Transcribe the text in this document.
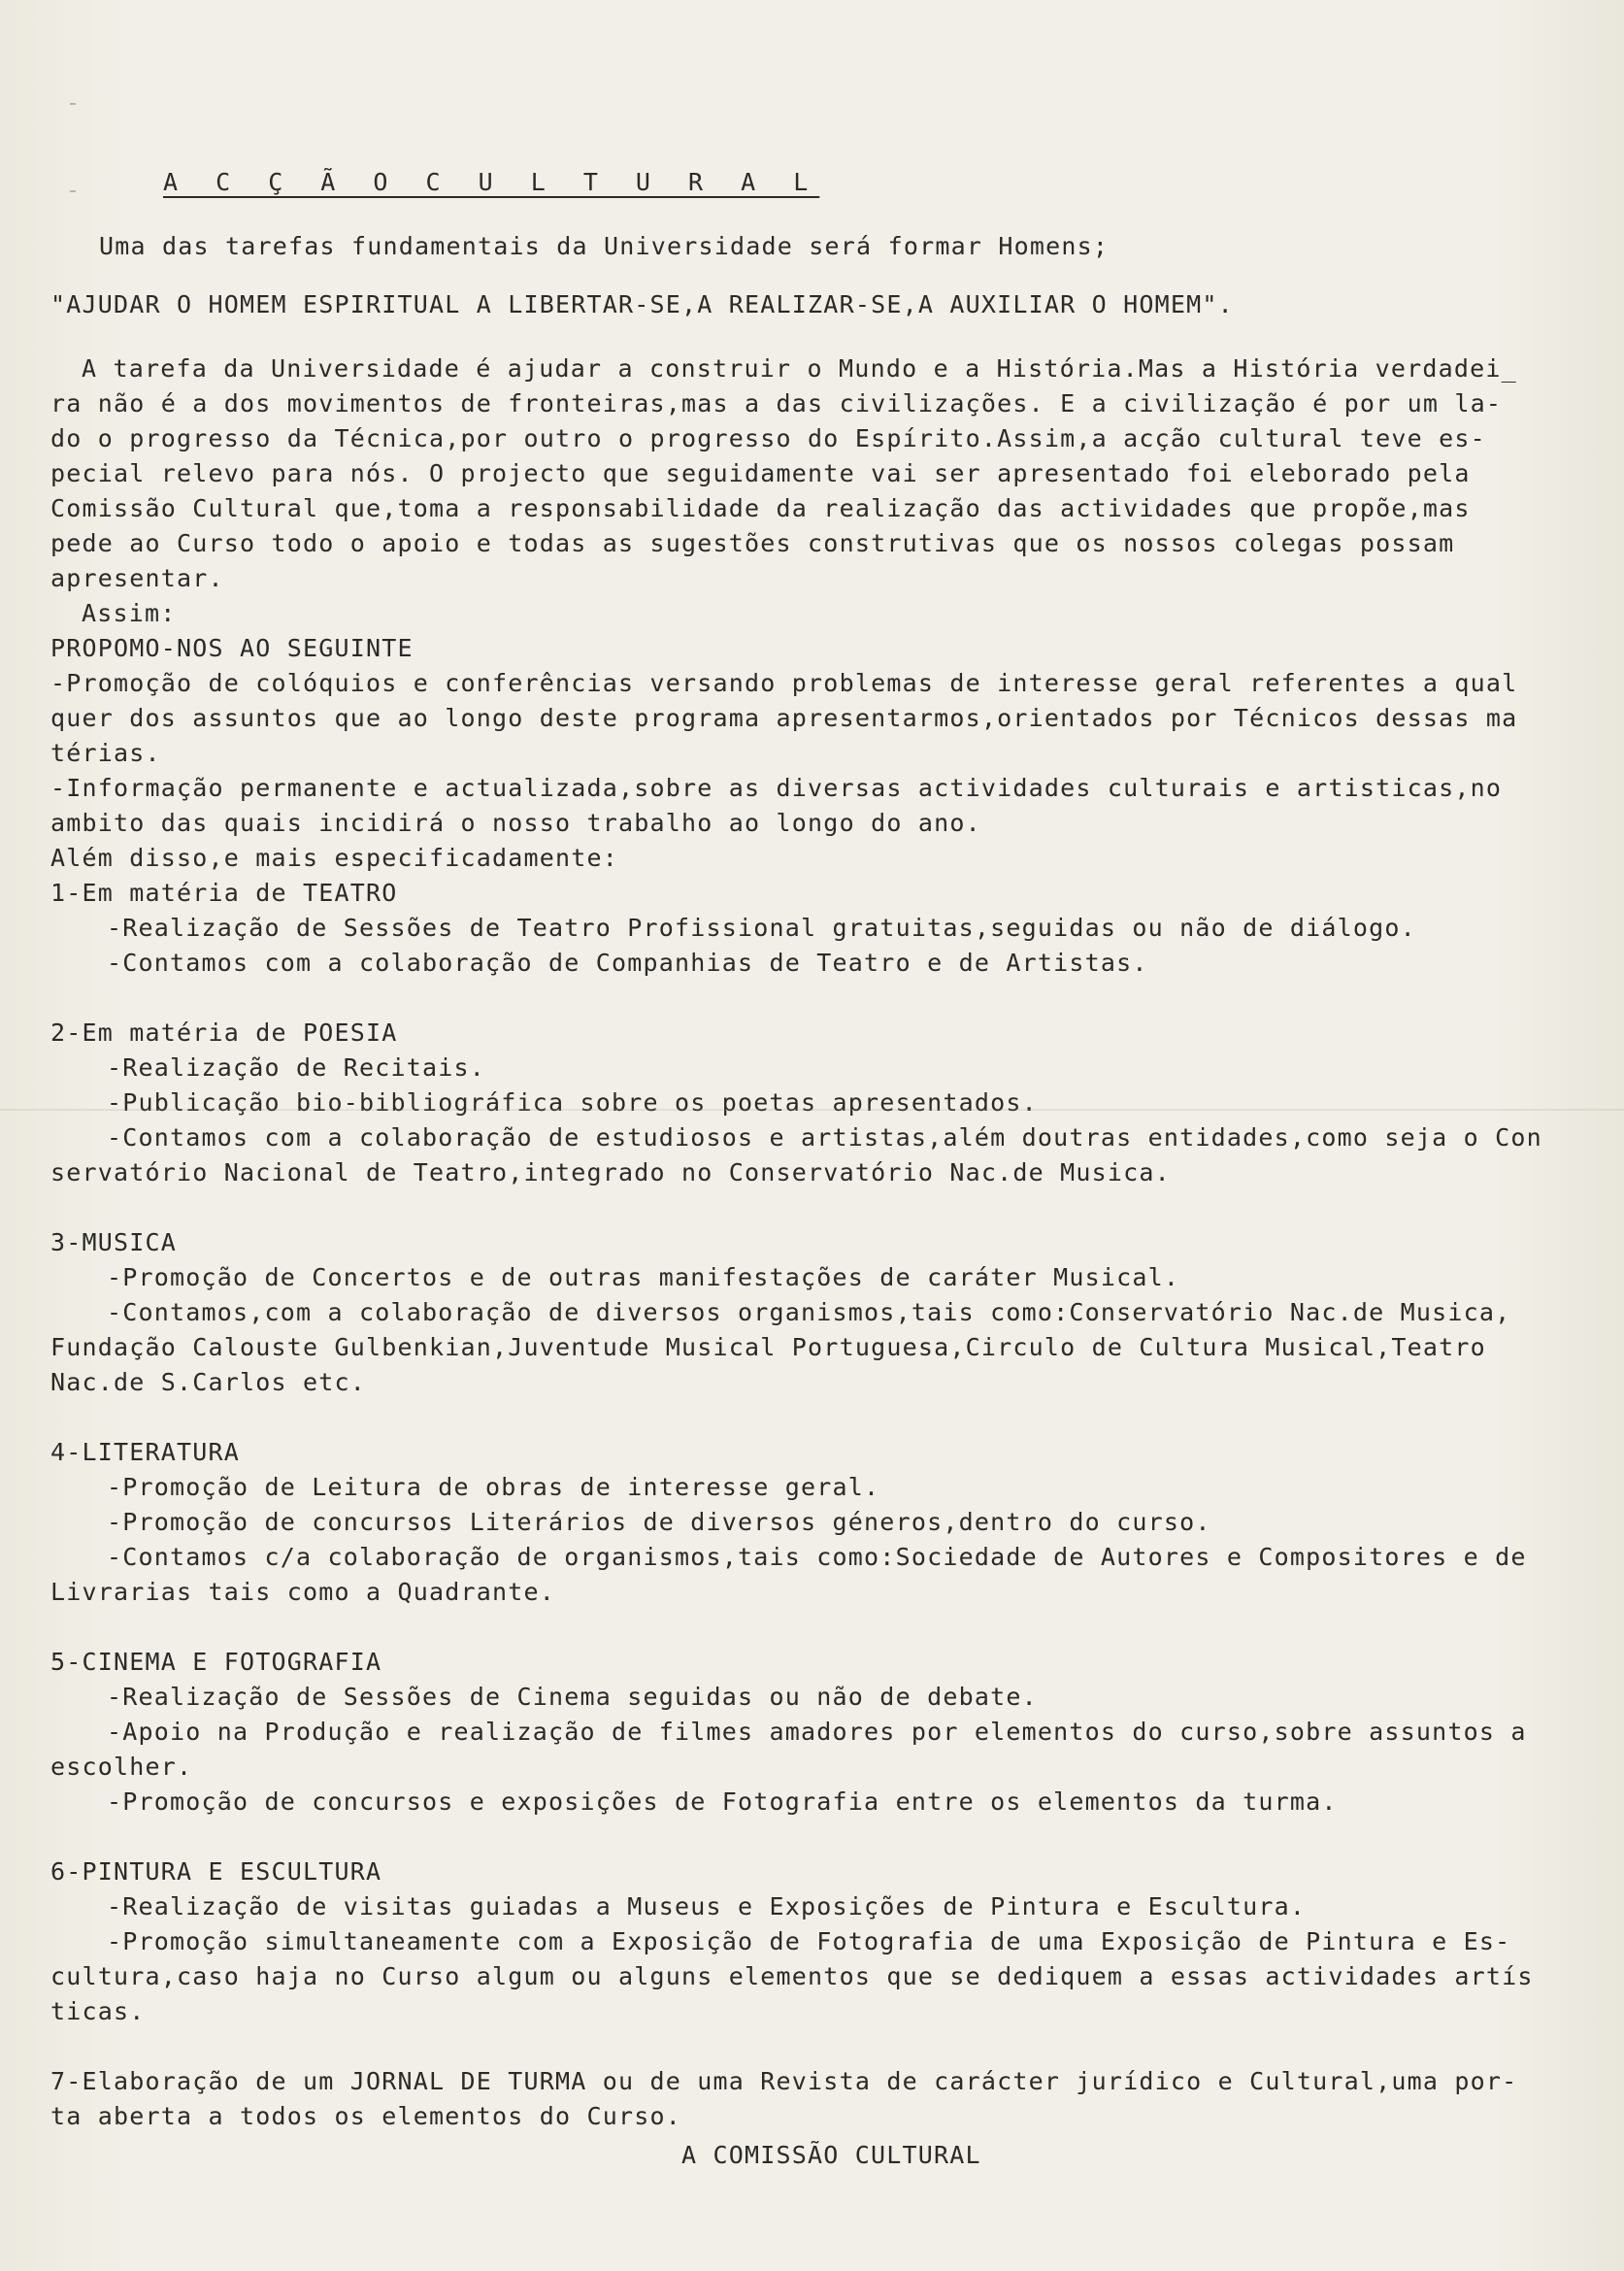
A C Ç Ã O C U L T U R A L
Uma das tarefas fundamentais da Universidade será formar Homens;
"AJUDAR O HOMEM ESPIRITUAL A LIBERTAR-SE,A REALIZAR-SE,A AUXILIAR O HOMEM".
A tarefa da Universidade é ajudar a construir o Mundo e a História.Mas a História verdadei_
ra não é a dos movimentos de fronteiras,mas a das civilizações. E a civilização é por um la-
do o progresso da Técnica,por outro o progresso do Espírito.Assim,a acção cultural teve es-
pecial relevo para nós. O projecto que seguidamente vai ser apresentado foi eleborado pela
Comissão Cultural que,toma a responsabilidade da realização das actividades que propõe,mas
pede ao Curso todo o apoio e todas as sugestões construtivas que os nossos colegas possam
apresentar.
Assim:
PROPOMO-NOS AO SEGUINTE
-Promoção de colóquios e conferências versando problemas de interesse geral referentes a qual
quer dos assuntos que ao longo deste programa apresentarmos,orientados por Técnicos dessas ma
térias.
-Informação permanente e actualizada,sobre as diversas actividades culturais e artisticas,no
ambito das quais incidirá o nosso trabalho ao longo do ano.
Além disso,e mais especificadamente:
1-Em matéria de TEATRO
-Realização de Sessões de Teatro Profissional gratuitas,seguidas ou não de diálogo.
-Contamos com a colaboração de Companhias de Teatro e de Artistas.
2-Em matéria de POESIA
-Realização de Recitais.
-Publicação bio-bibliográfica sobre os poetas apresentados.
-Contamos com a colaboração de estudiosos e artistas,além doutras entidades,como seja o Con
servatório Nacional de Teatro,integrado no Conservatório Nac.de Musica.
3-MUSICA
-Promoção de Concertos e de outras manifestações de caráter Musical.
-Contamos,com a colaboração de diversos organismos,tais como:Conservatório Nac.de Musica,
Fundação Calouste Gulbenkian,Juventude Musical Portuguesa,Circulo de Cultura Musical,Teatro
Nac.de S.Carlos etc.
4-LITERATURA
-Promoção de Leitura de obras de interesse geral.
-Promoção de concursos Literários de diversos géneros,dentro do curso.
-Contamos c/a colaboração de organismos,tais como:Sociedade de Autores e Compositores e de
Livrarias tais como a Quadrante.
5-CINEMA E FOTOGRAFIA
-Realização de Sessões de Cinema seguidas ou não de debate.
-Apoio na Produção e realização de filmes amadores por elementos do curso,sobre assuntos a
escolher.
-Promoção de concursos e exposições de Fotografia entre os elementos da turma.
6-PINTURA E ESCULTURA
-Realização de visitas guiadas a Museus e Exposições de Pintura e Escultura.
-Promoção simultaneamente com a Exposição de Fotografia de uma Exposição de Pintura e Es-
cultura,caso haja no Curso algum ou alguns elementos que se dediquem a essas actividades artís
ticas.
7-Elaboração de um JORNAL DE TURMA ou de uma Revista de carácter jurídico e Cultural,uma por-
ta aberta a todos os elementos do Curso.
A COMISSÃO CULTURAL
